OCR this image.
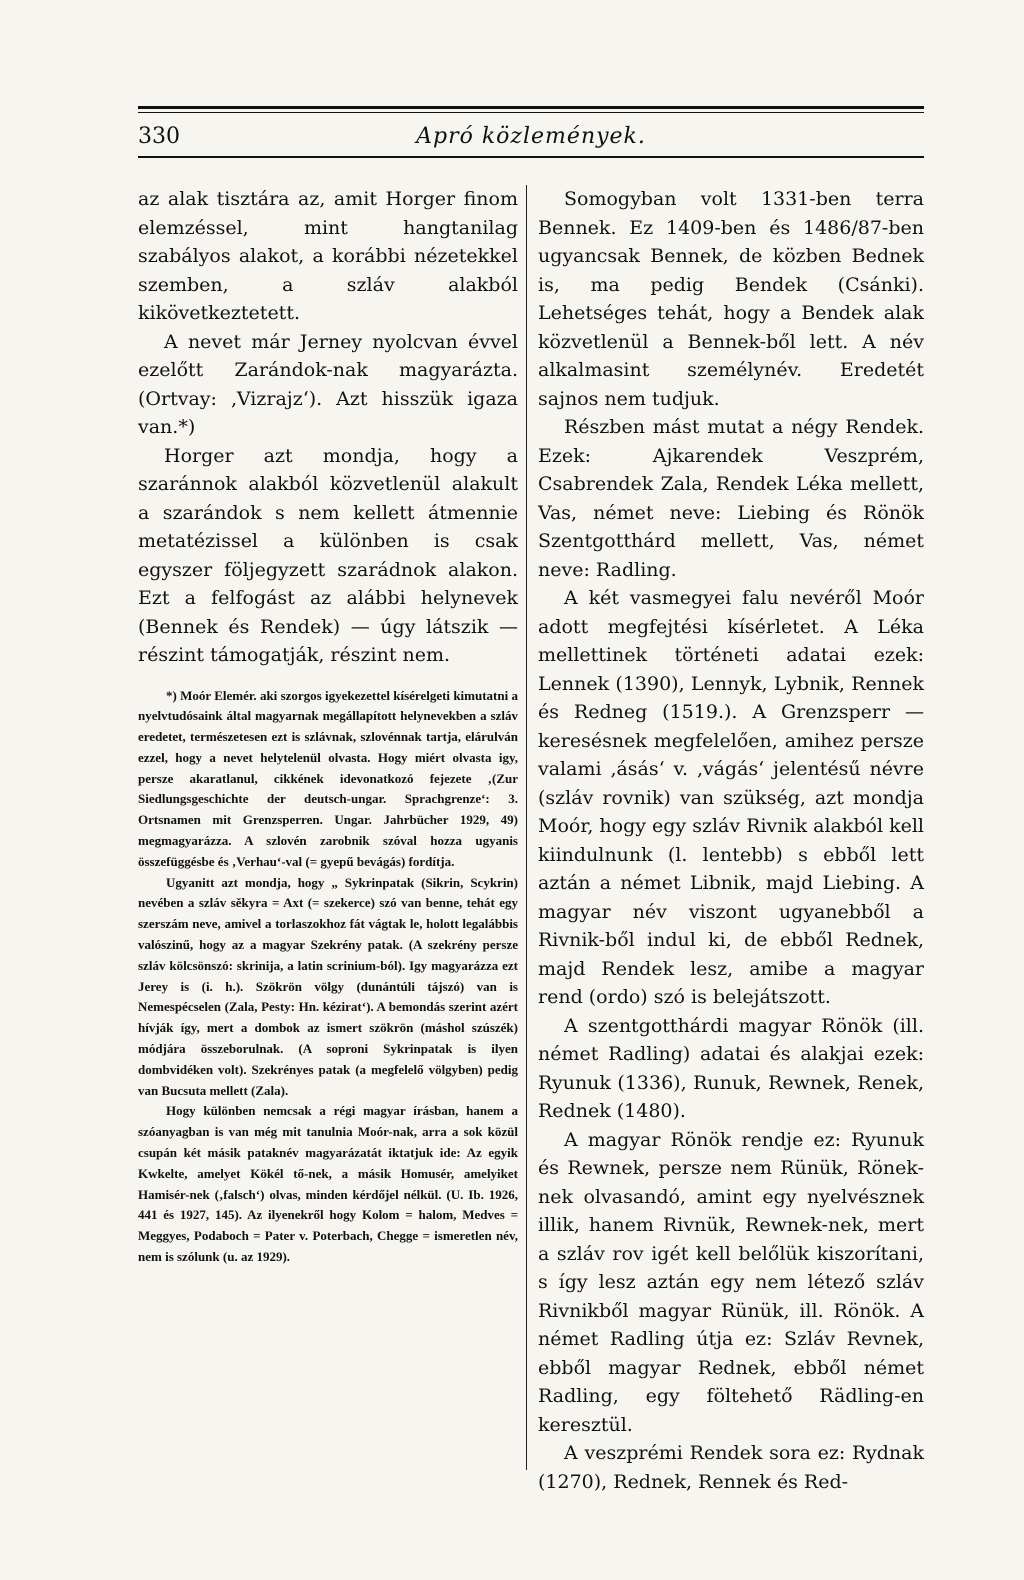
330	Apró közlemények.

az alak tisztára az, amit Horger finom elemzéssel, mint hangtanilag szabályos alakot, a korábbi nézetekkel szemben, a szláv alakból kikövetkeztetett.

A nevet már Jerney nyolcvan évvel ezelőtt Zarándok-nak magyarázta. (Ortvay: ‚Vizrajz‘). Azt hisszük igaza van.*)

Horger azt mondja, hogy a szaránnok alakból közvetlenül alakult a szarándok s nem kellett átmennie metatézissel a különben is csak egyszer följegyzett szarádnok alakon. Ezt a felfogást az alábbi helynevek (Bennek és Rendek) — úgy látszik — részint támogatják, részint nem.

*) Moór Elemér. aki szorgos igyekezettel kísérelgeti kimutatni a nyelvtudósaink által magyarnak megállapított helynevekben a szláv eredetet, természetesen ezt is szlávnak, szlovénnak tartja, elárulván ezzel, hogy a nevet helytelenül olvasta. Hogy miért olvasta igy, persze akaratlanul, cikkének idevonatkozó fejezete ‚(Zur Siedlungsgeschichte der deutsch-ungar. Sprachgrenze‘: 3. Ortsnamen mit Grenzsperren. Ungar. Jahrbücher 1929, 49) megmagyarázza. A szlovén zarobnik szóval hozza ugyanis összefüggésbe és ‚Verhau‘-val (= gyepű bevágás) fordítja.

Ugyanitt azt mondja, hogy „ Sykrinpatak (Sikrin, Scykrin) nevében a szláv sěkyra = Axt (= szekerce) szó van benne, tehát egy szerszám neve, amivel a torlaszokhoz fát vágtak le, holott legalábbis valószinű, hogy az a magyar Szekrény patak. (A szekrény persze szláv kölcsönszó: skrinija, a latin scrinium-ból). Igy magyarázza ezt Jerey is (i. h.). Szökrön völgy (dunántúli tájszó) van is Nemespécselen (Zala, Pesty: Hn. kézirat‘). A bemondás szerint azért hívják így, mert a dombok az ismert szökrön (máshol szúszék) módjára összeborulnak. (A soproni Sykrinpatak is ilyen dombvidéken volt). Szekrényes patak (a megfelelő völgyben) pedig van Bucsuta mellett (Zala).

Hogy különben nemcsak a régi magyar írásban, hanem a szóanyagban is van még mit tanulnia Moór-nak, arra a sok közül csupán két másik pataknév magyarázatát iktatjuk ide: Az egyik Kwkelte, amelyet Kökél tő-nek, a másik Homusér, amelyiket Hamisér-nek (‚falsch‘) olvas, minden kérdőjel nélkül. (U. Ib. 1926, 441 és 1927, 145). Az ilyenekről hogy Kolom = halom, Medves = Meggyes, Podaboch = Pater v. Poterbach, Chegge = ismeretlen név, nem is szólunk (u. az 1929).

Somogyban volt 1331-ben terra Bennek. Ez 1409-ben és 1486/87-ben ugyancsak Bennek, de közben Bednek is, ma pedig Bendek (Csánki). Lehetséges tehát, hogy a Bendek alak közvetlenül a Bennek-ből lett. A név alkalmasint személynév. Eredetét sajnos nem tudjuk.

Részben mást mutat a négy Rendek. Ezek: Ajkarendek Veszprém, Csabrendek Zala, Rendek Léka mellett, Vas, német neve: Liebing és Rönök Szentgotthárd mellett, Vas, német neve: Radling.

A két vasmegyei falu nevéről Moór adott megfejtési kísérletet. A Léka mellettinek történeti adatai ezek: Lennek (1390), Lennyk, Lybnik, Rennek és Redneg (1519.). A Grenzsperr — keresésnek megfelelően, amihez persze valami ‚ásás‘ v. ‚vágás‘ jelentésű névre (szláv rovnik) van szükség, azt mondja Moór, hogy egy szláv Rivnik alakból kell kiindulnunk (l. lentebb) s ebből lett aztán a német Libnik, majd Liebing. A magyar név viszont ugyanebből a Rivnik-ből indul ki, de ebből Rednek, majd Rendek lesz, amibe a magyar rend (ordo) szó is belejátszott.

A szentgotthárdi magyar Rönök (ill. német Radling) adatai és alakjai ezek: Ryunuk (1336), Runuk, Rewnek, Renek, Rednek (1480).

A magyar Rönök rendje ez: Ryunuk és Rewnek, persze nem Rünük, Rönek-nek olvasandó, amint egy nyelvésznek illik, hanem Rivnük, Rewnek-nek, mert a szláv rov igét kell belőlük kiszorítani, s így lesz aztán egy nem létező szláv Rivnikből magyar Rünük, ill. Rönök. A német Radling útja ez: Szláv Revnek, ebből magyar Rednek, ebből német Radling, egy föltehető Rädling-en keresztül.

A veszprémi Rendek sora ez: Rydnak (1270), Rednek, Rennek és Red-
